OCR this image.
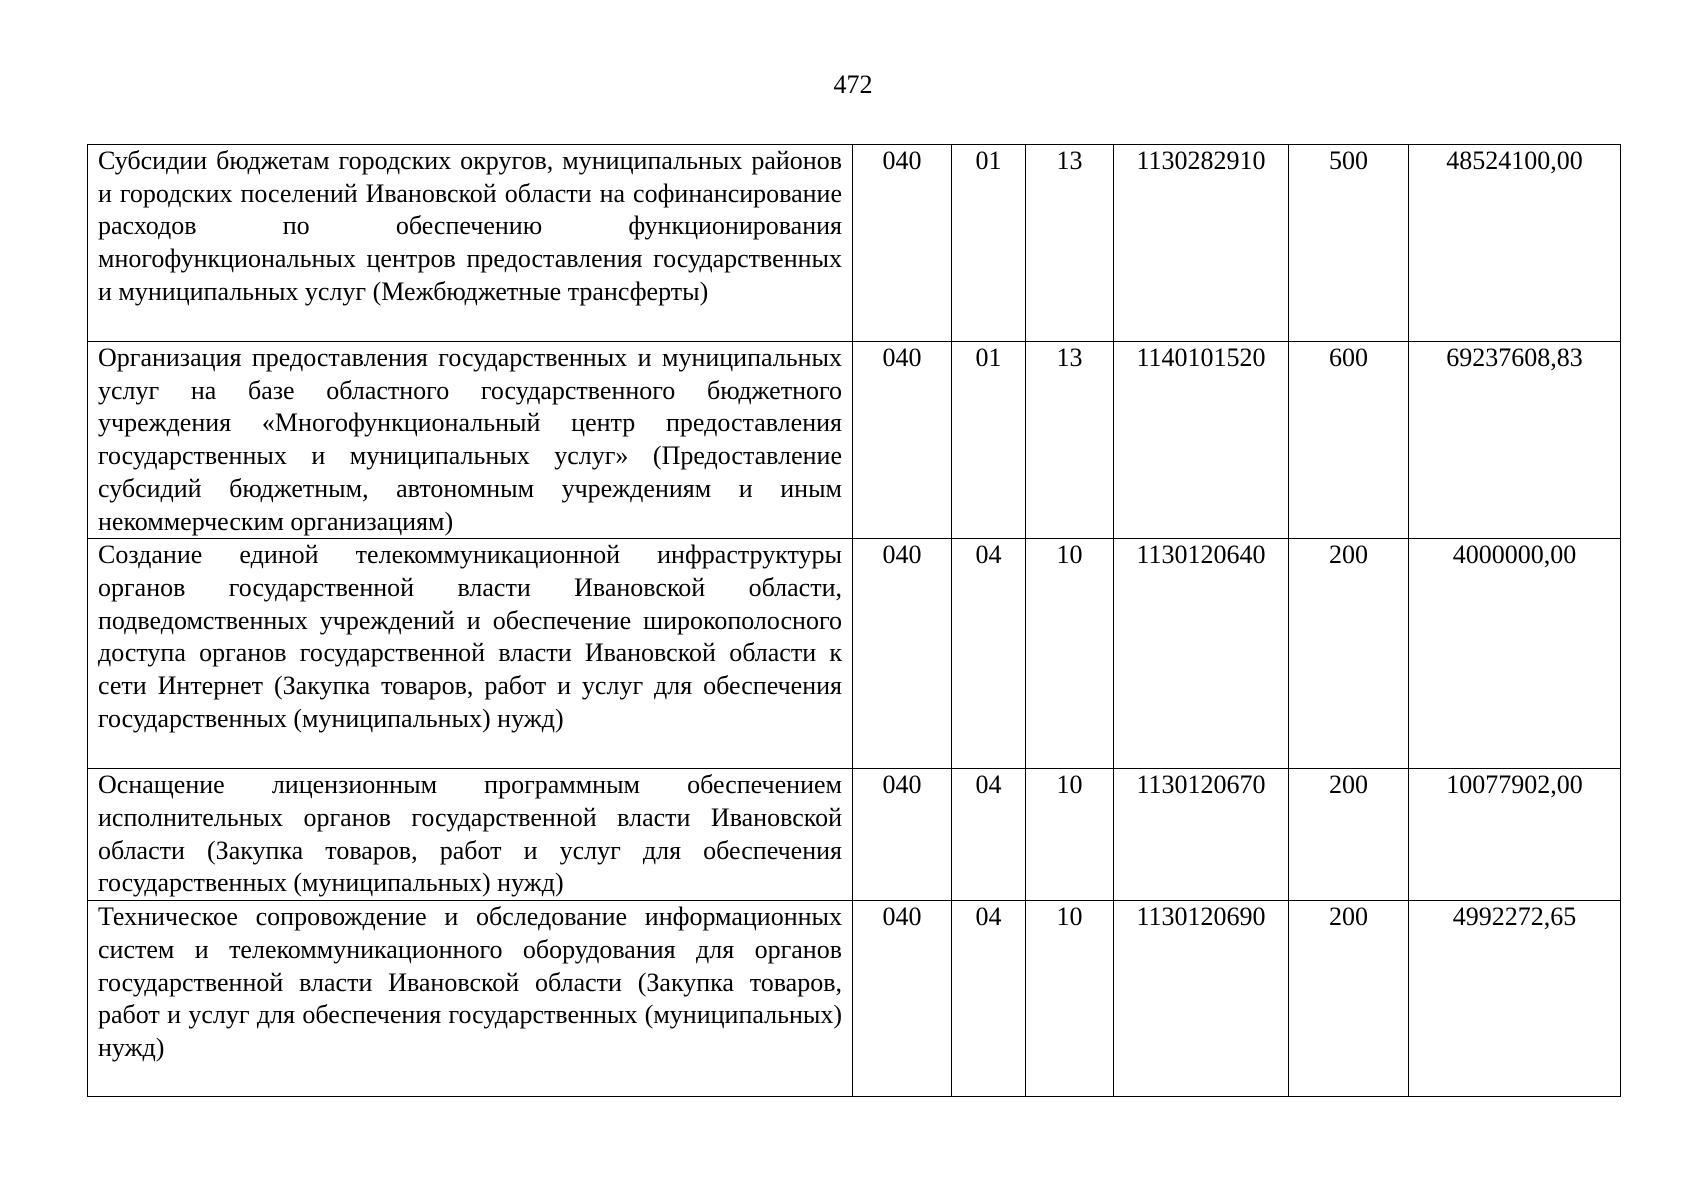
472
Субсидии бюджетам городских округов, муниципальных районов и городских поселений Ивановской области на софинансирование расходов по обеспечению функционирования многофункциональных центров предоставления государственных и муниципальных услуг (Межбюджетные трансферты)	040	01	13	1130282910	500	48524100,00
Организация предоставления государственных и муниципальных услуг на базе областного государственного бюджетного учреждения «Многофункциональный центр предоставления государственных и муниципальных услуг» (Предоставление субсидий бюджетным, автономным учреждениям и иным некоммерческим организациям)	040	01	13	1140101520	600	69237608,83
Создание единой телекоммуникационной инфраструктуры органов государственной власти Ивановской области, подведомственных учреждений и обеспечение широкополосного доступа органов государственной власти Ивановской области к сети Интернет (Закупка товаров, работ и услуг для обеспечения государственных (муниципальных) нужд)	040	04	10	1130120640	200	4000000,00
Оснащение лицензионным программным обеспечением исполнительных органов государственной власти Ивановской области (Закупка товаров, работ и услуг для обеспечения государственных (муниципальных) нужд)	040	04	10	1130120670	200	10077902,00
Техническое сопровождение и обследование информационных систем и телекоммуникационного оборудования для органов государственной власти Ивановской области (Закупка товаров, работ и услуг для обеспечения государственных (муниципальных) нужд)	040	04	10	1130120690	200	4992272,65
